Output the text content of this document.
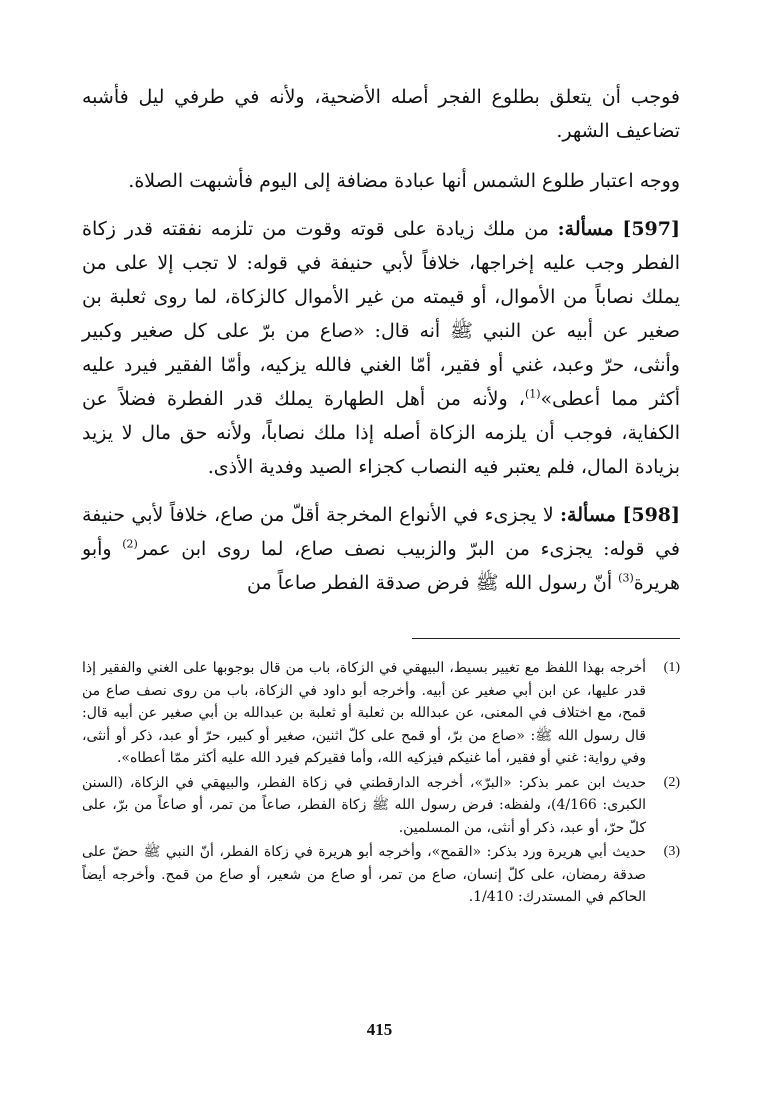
فوجب أن يتعلق بطلوع الفجر أصله الأضحية، ولأنه في طرفي ليل فأشبه تضاعيف الشهر.

ووجه اعتبار طلوع الشمس أنها عبادة مضافة إلى اليوم فأشبهت الصلاة.

[597] مسألة: من ملك زيادة على قوته وقوت من تلزمه نفقته قدر زكاة الفطر وجب عليه إخراجها، خلافاً لأبي حنيفة في قوله: لا تجب إلا على من يملك نصاباً من الأموال، أو قيمته من غير الأموال كالزكاة، لما روى ثعلبة بن صغير عن أبيه عن النبي ﷺ أنه قال: «صاع من برّ على كل صغير وكبير وأنثى، حرّ وعبد، غني أو فقير، أمّا الغني فالله يزكيه، وأمّا الفقير فيرد عليه أكثر مما أعطى»$^{(1)}$، ولأنه من أهل الطهارة يملك قدر الفطرة فضلاً عن الكفاية، فوجب أن يلزمه الزكاة أصله إذا ملك نصاباً، ولأنه حق مال لا يزيد بزيادة المال، فلم يعتبر فيه النصاب كجزاء الصيد وفدية الأذى.

[598] مسألة: لا يجزىء في الأنواع المخرجة أقلّ من صاع، خلافاً لأبي حنيفة في قوله: يجزىء من البرّ والزبيب نصف صاع، لما روى ابن عمر$^{(2)}$ وأبو هريرة$^{(3)}$ أنّ رسول الله ﷺ فرض صدقة الفطر صاعاً من

(1)
أخرجه بهذا اللفظ مع تغيير بسيط، البيهقي في الزكاة، باب من قال بوجوبها على الغني والفقير إذا قدر عليها، عن ابن أبي صغير عن أبيه. وأخرجه أبو داود في الزكاة، باب من روى نصف صاع من قمح، مع اختلاف في المعنى، عن عبدالله بن ثعلبة أو ثعلبة بن عبدالله بن أبي صغير عن أبيه قال: قال رسول الله ﷺ: «صاع من برّ، أو قمح على كلّ اثنين، صغير أو كبير، حرّ أو عبد، ذكر أو أنثى، وفي رواية: غني أو فقير، أما غنيكم فيزكيه الله، وأما فقيركم فيرد الله عليه أكثر ممّا أعطاه».
(2)
حديث ابن عمر بذكر: «البرّ»، أخرجه الدارقطني في زكاة الفطر، والبيهقي في الزكاة، (السنن الكبرى: 4/166)، ولفظه: فرض رسول الله ﷺ زكاة الفطر، صاعاً من تمر، أو صاعاً من برّ، على كلّ حرّ، أو عبد، ذكر أو أنثى، من المسلمين.
(3)
حديث أبي هريرة ورد بذكر: «القمح»، وأخرجه أبو هريرة في زكاة الفطر، أنّ النبي ﷺ حضّ على صدقة رمضان، على كلّ إنسان، صاع من تمر، أو صاع من شعير، أو صاع من قمح. وأخرجه أيضاً الحاكم في المستدرك: 1/410.
415
